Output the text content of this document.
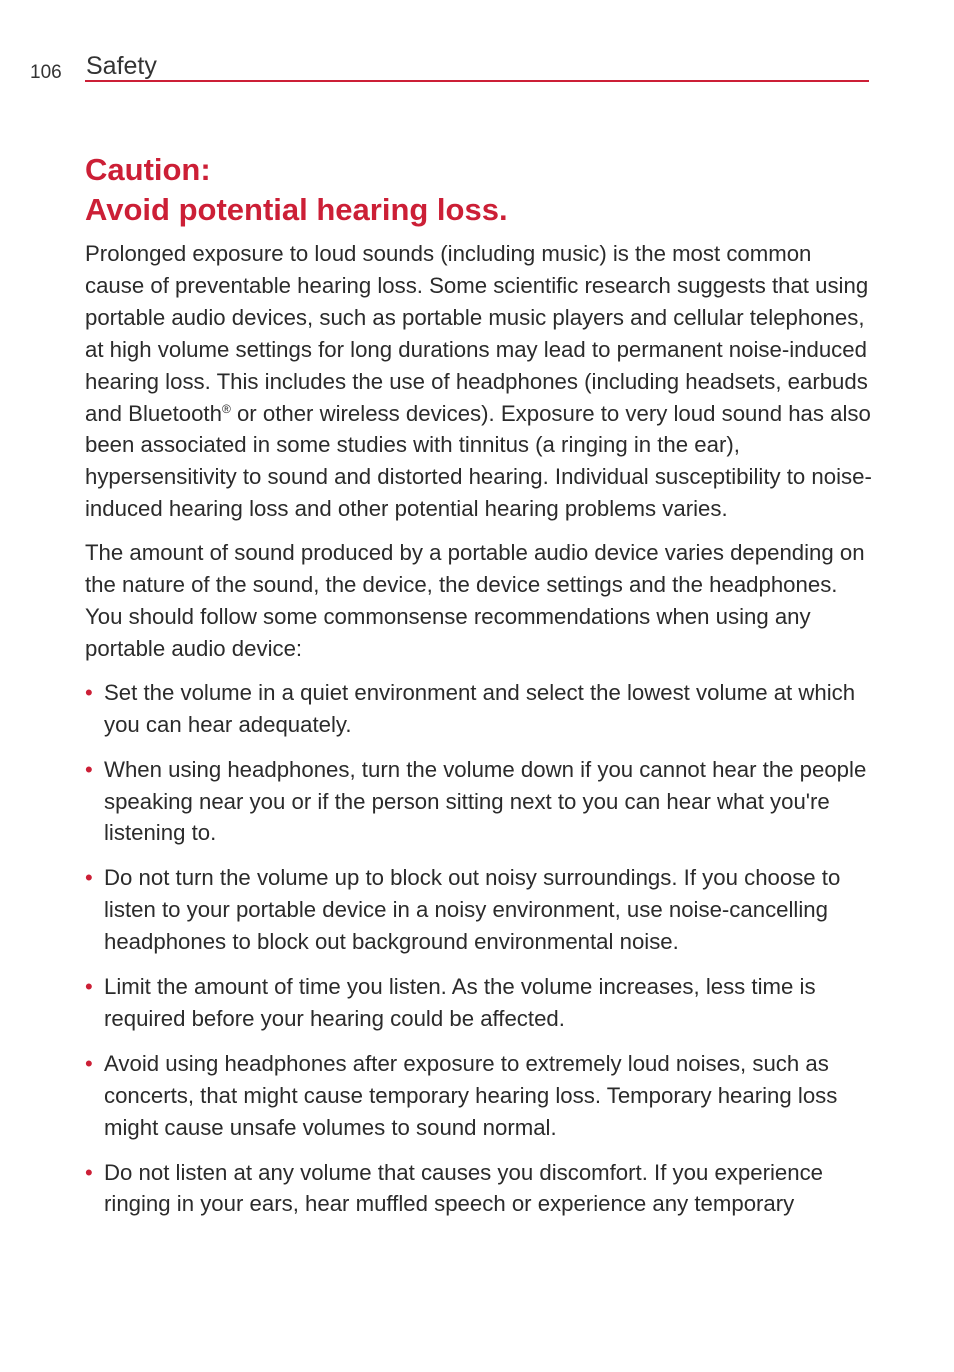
106 Safety
Caution:
Avoid potential hearing loss.

Prolonged exposure to loud sounds (including music) is the most common cause of preventable hearing loss. Some scientific research suggests that using portable audio devices, such as portable music players and cellular telephones, at high volume settings for long durations may lead to permanent noise-induced hearing loss. This includes the use of headphones (including headsets, earbuds and Bluetooth® or other wireless devices). Exposure to very loud sound has also been associated in some studies with tinnitus (a ringing in the ear), hypersensitivity to sound and distorted hearing. Individual susceptibility to noise-induced hearing loss and other potential hearing problems varies.

The amount of sound produced by a portable audio device varies depending on the nature of the sound, the device, the device settings and the headphones. You should follow some commonsense recommendations when using any portable audio device:

• Set the volume in a quiet environment and select the lowest volume at which you can hear adequately.
• When using headphones, turn the volume down if you cannot hear the people speaking near you or if the person sitting next to you can hear what you're listening to.
• Do not turn the volume up to block out noisy surroundings. If you choose to listen to your portable device in a noisy environment, use noise-cancelling headphones to block out background environmental noise.
• Limit the amount of time you listen. As the volume increases, less time is required before your hearing could be affected.
• Avoid using headphones after exposure to extremely loud noises, such as concerts, that might cause temporary hearing loss. Temporary hearing loss might cause unsafe volumes to sound normal.
• Do not listen at any volume that causes you discomfort. If you experience ringing in your ears, hear muffled speech or experience any temporary
